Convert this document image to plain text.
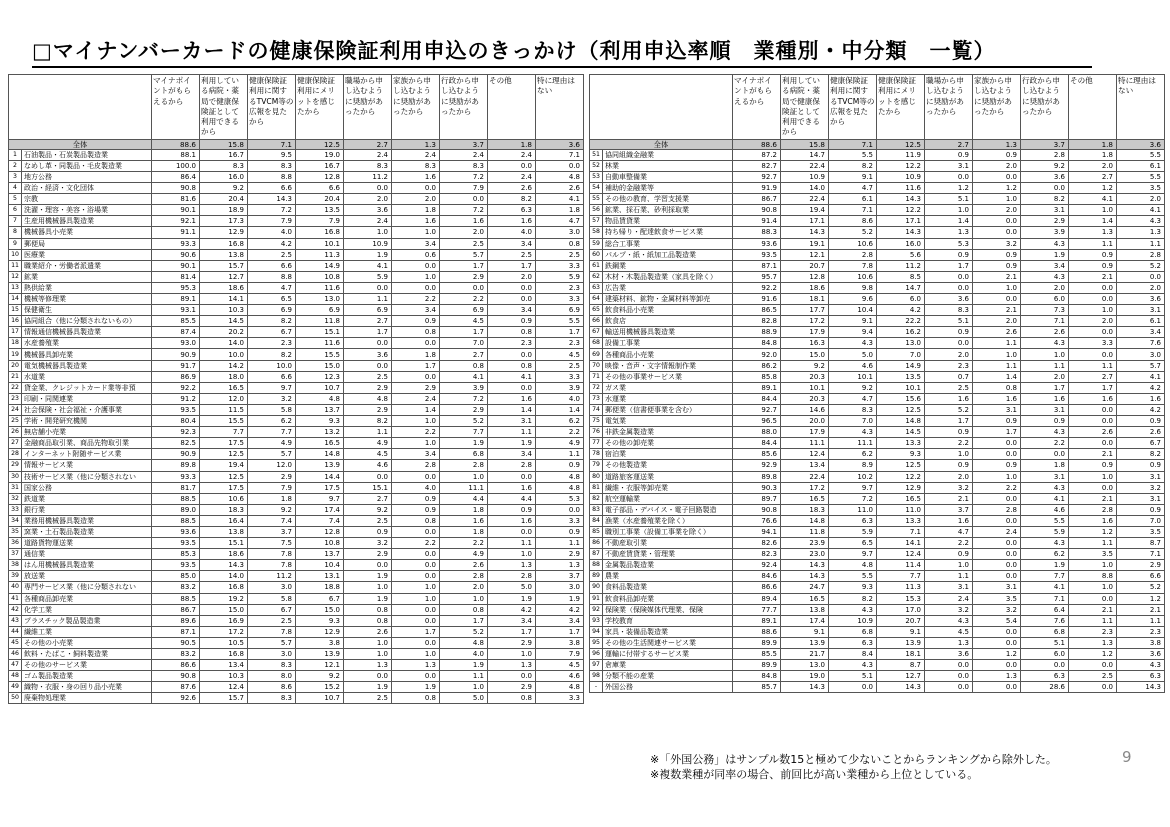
□マイナンバーカードの健康保険証利用申込のきっかけ（利用申込率順　業種別・中分類　一覧）
		マイナポイントがもらえるから	利用している病院・薬局で健康保険証として利用できるから	健康保険証利用に関するTVCM等の広報を見たから	健康保険証利用にメリットを感じたから	職場から申し込むように奨励があったから	家族から申し込むように奨励があったから	行政から申し込むように奨励があったから	その他	特に理由はない
全体		88.6	15.8	7.1	12.5	2.7	1.3	3.7	1.8	3.6
1	石油製品・石炭製品製造業	88.1	16.7	9.5	19.0	2.4	2.4	2.4	2.4	7.1
2	なめし革・同製品・毛皮製造業	100.0	8.3	8.3	16.7	8.3	8.3	8.3	0.0	0.0
3	地方公務	86.4	16.0	8.8	12.8	11.2	1.6	7.2	2.4	4.8
4	政治・経済・文化団体	90.8	9.2	6.6	6.6	0.0	0.0	7.9	2.6	2.6
5	宗教	81.6	20.4	14.3	20.4	2.0	2.0	0.0	8.2	4.1
6	洗濯・理容・美容・浴場業	90.1	18.9	7.2	13.5	3.6	1.8	7.2	6.3	1.8
7	生産用機械器具製造業	92.1	17.3	7.9	7.9	2.4	1.6	1.6	1.6	4.7
8	機械器具小売業	91.1	12.9	4.0	16.8	1.0	1.0	2.0	4.0	3.0
9	郵便局	93.3	16.8	4.2	10.1	10.9	3.4	2.5	3.4	0.8
10	医療業	90.6	13.8	2.5	11.3	1.9	0.6	5.7	2.5	2.5
11	職業紹介・労働者派遣業	90.1	15.7	6.6	14.9	4.1	0.0	1.7	1.7	3.3
12	鉱業	81.4	12.7	8.8	10.8	5.9	1.0	2.9	2.0	5.9
13	熱供給業	95.3	18.6	4.7	11.6	0.0	0.0	0.0	0.0	2.3
14	機械等修理業	89.1	14.1	6.5	13.0	1.1	2.2	2.2	0.0	3.3
15	保健衛生	93.1	10.3	6.9	6.9	6.9	3.4	6.9	3.4	6.9
16	協同組合（他に分類されないもの）	85.5	14.5	8.2	11.8	2.7	0.9	4.5	0.9	5.5
17	情報通信機械器具製造業	87.4	20.2	6.7	15.1	1.7	0.8	1.7	0.8	1.7
18	水産養殖業	93.0	14.0	2.3	11.6	0.0	0.0	7.0	2.3	2.3
19	機械器具卸売業	90.9	10.0	8.2	15.5	3.6	1.8	2.7	0.0	4.5
20	電気機械器具製造業	91.7	14.2	10.0	15.0	0.0	1.7	0.8	0.8	2.5
21	水道業	86.9	18.0	6.6	12.3	2.5	0.0	4.1	4.1	3.3
22	貸金業、クレジットカード業等非預	92.2	16.5	9.7	10.7	2.9	2.9	3.9	0.0	3.9
23	印刷・同関連業	91.2	12.0	3.2	4.8	4.8	2.4	7.2	1.6	4.0
24	社会保険・社会福祉・介護事業	93.5	11.5	5.8	13.7	2.9	1.4	2.9	1.4	1.4
25	学術・開発研究機関	80.4	15.5	6.2	9.3	8.2	1.0	5.2	3.1	6.2
26	無店舗小売業	92.3	7.7	7.7	13.2	1.1	2.2	7.7	1.1	2.2
27	金融商品取引業、商品先物取引業	82.5	17.5	4.9	16.5	4.9	1.0	1.9	1.9	4.9
28	インターネット附随サービス業	90.9	12.5	5.7	14.8	4.5	3.4	6.8	3.4	1.1
29	情報サービス業	89.8	19.4	12.0	13.9	4.6	2.8	2.8	2.8	0.9
30	技術サービス業（他に分類されない	93.3	12.5	2.9	14.4	0.0	0.0	1.0	0.0	4.8
31	国家公務	81.7	17.5	7.9	17.5	15.1	4.0	11.1	1.6	4.8
32	鉄道業	88.5	10.6	1.8	9.7	2.7	0.9	4.4	4.4	5.3
33	銀行業	89.0	18.3	9.2	17.4	9.2	0.9	1.8	0.9	0.0
34	業務用機械器具製造業	88.5	16.4	7.4	7.4	2.5	0.8	1.6	1.6	3.3
35	窯業・土石製品製造業	93.6	13.8	3.7	12.8	0.9	0.0	1.8	0.0	0.9
36	道路貨物運送業	93.5	15.1	7.5	10.8	3.2	2.2	2.2	1.1	1.1
37	通信業	85.3	18.6	7.8	13.7	2.9	0.0	4.9	1.0	2.9
38	はん用機械器具製造業	93.5	14.3	7.8	10.4	0.0	0.0	2.6	1.3	1.3
39	放送業	85.0	14.0	11.2	13.1	1.9	0.0	2.8	2.8	3.7
40	専門サービス業（他に分類されない	83.2	16.8	3.0	18.8	1.0	1.0	2.0	5.0	3.0
41	各種商品卸売業	88.5	19.2	5.8	6.7	1.9	1.0	1.0	1.9	1.9
42	化学工業	86.7	15.0	6.7	15.0	0.8	0.0	0.8	4.2	4.2
43	プラスチック製品製造業	89.6	16.9	2.5	9.3	0.8	0.0	1.7	3.4	3.4
44	繊維工業	87.1	17.2	7.8	12.9	2.6	1.7	5.2	1.7	1.7
45	その他の小売業	90.5	10.5	5.7	3.8	1.0	0.0	4.8	2.9	3.8
46	飲料・たばこ・飼料製造業	83.2	16.8	3.0	13.9	1.0	1.0	4.0	1.0	7.9
47	その他のサービス業	86.6	13.4	8.3	12.1	1.3	1.3	1.9	1.3	4.5
48	ゴム製品製造業	90.8	10.3	8.0	9.2	0.0	0.0	1.1	0.0	4.6
49	織物・衣服・身の回り品小売業	87.6	12.4	8.6	15.2	1.9	1.9	1.0	2.9	4.8
50	廃棄物処理業	92.6	15.7	8.3	10.7	2.5	0.8	5.0	0.8	3.3
		マイナポイントがもらえるから	利用している病院・薬局で健康保険証として利用できるから	健康保険証利用に関するTVCM等の広報を見たから	健康保険証利用にメリットを感じたから	職場から申し込むように奨励があったから	家族から申し込むように奨励があったから	行政から申し込むように奨励があったから	その他	特に理由はない
全体		88.6	15.8	7.1	12.5	2.7	1.3	3.7	1.8	3.6
51	協同組織金融業	87.2	14.7	5.5	11.9	0.9	0.9	2.8	1.8	5.5
52	林業	82.7	22.4	8.2	12.2	3.1	2.0	9.2	2.0	6.1
53	自動車整備業	92.7	10.9	9.1	10.9	0.0	0.0	3.6	2.7	5.5
54	補助的金融業等	91.9	14.0	4.7	11.6	1.2	1.2	0.0	1.2	3.5
55	その他の教育、学習支援業	86.7	22.4	6.1	14.3	5.1	1.0	8.2	4.1	2.0
56	鉱業、採石業、砂利採取業	90.8	19.4	7.1	12.2	1.0	2.0	3.1	1.0	4.1
57	物品賃貸業	91.4	17.1	8.6	17.1	1.4	0.0	2.9	1.4	4.3
58	持ち帰り・配達飲食サービス業	88.3	14.3	5.2	14.3	1.3	0.0	3.9	1.3	1.3
59	総合工事業	93.6	19.1	10.6	16.0	5.3	3.2	4.3	1.1	1.1
60	パルプ・紙・紙加工品製造業	93.5	12.1	2.8	5.6	0.9	0.9	1.9	0.9	2.8
61	鉄鋼業	87.1	20.7	7.8	11.2	1.7	0.9	3.4	0.9	5.2
62	木材・木製品製造業（家具を除く）	95.7	12.8	10.6	8.5	0.0	2.1	4.3	2.1	0.0
63	広告業	92.2	18.6	9.8	14.7	0.0	1.0	2.0	0.0	2.0
64	建築材料、鉱物・金属材料等卸売	91.6	18.1	9.6	6.0	3.6	0.0	6.0	0.0	3.6
65	飲食料品小売業	86.5	17.7	10.4	4.2	8.3	2.1	7.3	1.0	3.1
66	飲食店	82.8	17.2	9.1	22.2	5.1	2.0	7.1	2.0	6.1
67	輸送用機械器具製造業	88.9	17.9	9.4	16.2	0.9	2.6	2.6	0.0	3.4
68	設備工事業	84.8	16.3	4.3	13.0	0.0	1.1	4.3	3.3	7.6
69	各種商品小売業	92.0	15.0	5.0	7.0	2.0	1.0	1.0	0.0	3.0
70	映像・音声・文字情報制作業	86.2	9.2	4.6	14.9	2.3	1.1	1.1	1.1	5.7
71	その他の事業サービス業	85.8	20.3	10.1	13.5	0.7	1.4	2.0	2.7	4.1
72	ガス業	89.1	10.1	9.2	10.1	2.5	0.8	1.7	1.7	4.2
73	水運業	84.4	20.3	4.7	15.6	1.6	1.6	1.6	1.6	1.6
74	郵便業（信書便事業を含む）	92.7	14.6	8.3	12.5	5.2	3.1	3.1	0.0	4.2
75	電気業	96.5	20.0	7.0	14.8	1.7	0.9	0.9	0.0	0.9
76	非鉄金属製造業	88.0	17.9	4.3	14.5	0.9	1.7	4.3	2.6	2.6
77	その他の卸売業	84.4	11.1	11.1	13.3	2.2	0.0	2.2	0.0	6.7
78	宿泊業	85.6	12.4	6.2	9.3	1.0	0.0	0.0	2.1	8.2
79	その他製造業	92.9	13.4	8.9	12.5	0.9	0.9	1.8	0.9	0.9
80	道路旅客運送業	89.8	22.4	10.2	12.2	2.0	1.0	3.1	1.0	3.1
81	繊維・衣服等卸売業	90.3	17.2	9.7	12.9	3.2	2.2	4.3	0.0	3.2
82	航空運輸業	89.7	16.5	7.2	16.5	2.1	0.0	4.1	2.1	3.1
83	電子部品・デバイス・電子回路製造	90.8	18.3	11.0	11.0	3.7	2.8	4.6	2.8	0.9
84	漁業（水産養殖業を除く）	76.6	14.8	6.3	13.3	1.6	0.0	5.5	1.6	7.0
85	職別工事業（設備工事業を除く）	94.1	11.8	5.9	7.1	4.7	2.4	5.9	1.2	3.5
86	不動産取引業	82.6	23.9	6.5	14.1	2.2	0.0	4.3	1.1	8.7
87	不動産賃貸業・管理業	82.3	23.0	9.7	12.4	0.9	0.0	6.2	3.5	7.1
88	金属製品製造業	92.4	14.3	4.8	11.4	1.0	0.0	1.9	1.0	2.9
89	農業	84.6	14.3	5.5	7.7	1.1	0.0	7.7	8.8	6.6
90	食料品製造業	86.6	24.7	9.3	11.3	3.1	3.1	4.1	1.0	5.2
91	飲食料品卸売業	89.4	16.5	8.2	15.3	2.4	3.5	7.1	0.0	1.2
92	保険業（保険媒体代理業、保険	77.7	13.8	4.3	17.0	3.2	3.2	6.4	2.1	2.1
93	学校教育	89.1	17.4	10.9	20.7	4.3	5.4	7.6	1.1	1.1
94	家具・装備品製造業	88.6	9.1	6.8	9.1	4.5	0.0	6.8	2.3	2.3
95	その他の生活関連サービス業	89.9	13.9	6.3	13.9	1.3	0.0	5.1	1.3	3.8
96	運輸に付帯するサービス業	85.5	21.7	8.4	18.1	3.6	1.2	6.0	1.2	3.6
97	倉庫業	89.9	13.0	4.3	8.7	0.0	0.0	0.0	0.0	4.3
98	分類不能の産業	84.8	19.0	5.1	12.7	0.0	1.3	6.3	2.5	6.3
-	外国公務	85.7	14.3	0.0	14.3	0.0	0.0	28.6	0.0	14.3
※「外国公務」はサンプル数15と極めて少ないことからランキングから除外した。
※複数業種が同率の場合、前回比が高い業種から上位としている。
9
